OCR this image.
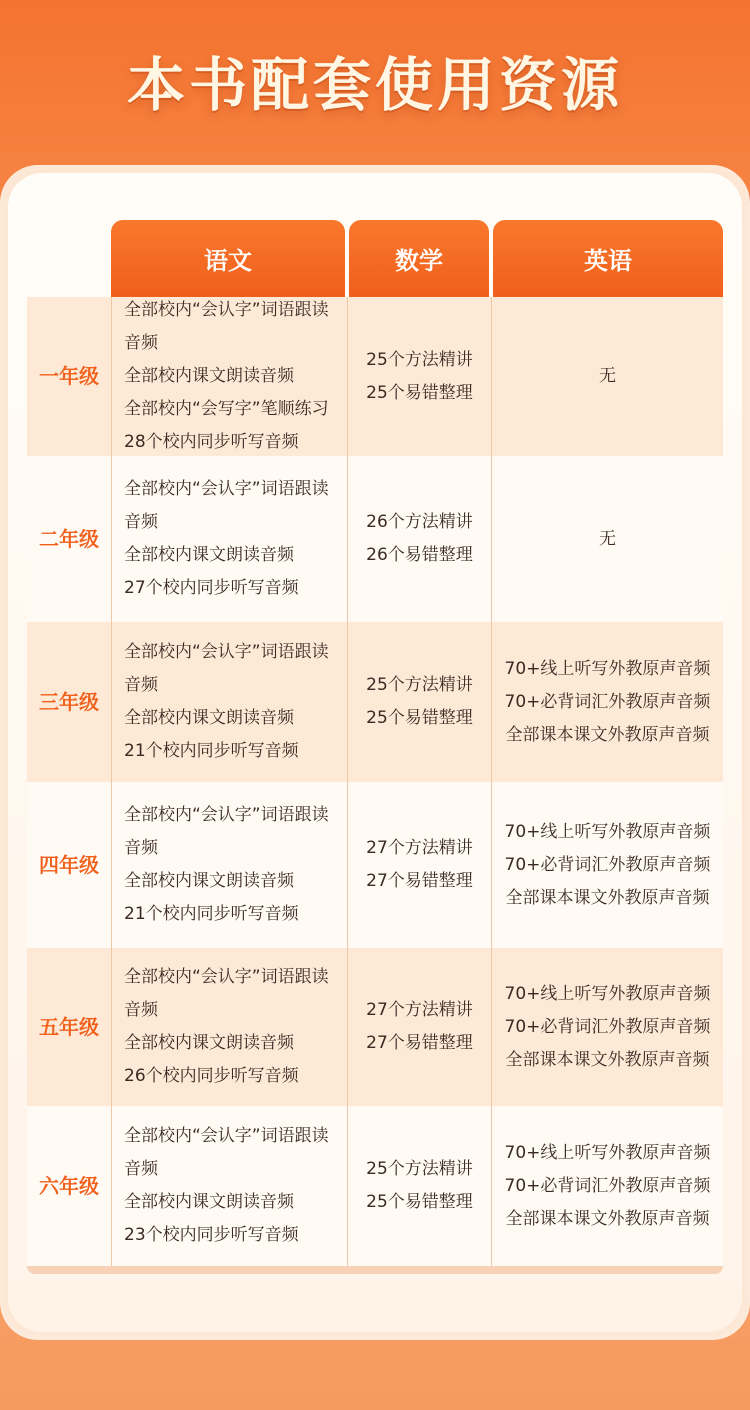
本书配套使用资源
语文	数学	英语
一年级
全部校内“会认字”词语跟读
音频
全部校内课文朗读音频
全部校内“会写字”笔顺练习
28个校内同步听写音频
25个方法精讲
25个易错整理
无
二年级
全部校内“会认字”词语跟读
音频
全部校内课文朗读音频
27个校内同步听写音频
26个方法精讲
26个易错整理
无
三年级
全部校内“会认字”词语跟读
音频
全部校内课文朗读音频
21个校内同步听写音频
25个方法精讲
25个易错整理
70+线上听写外教原声音频
70+必背词汇外教原声音频
全部课本课文外教原声音频
四年级
全部校内“会认字”词语跟读
音频
全部校内课文朗读音频
21个校内同步听写音频
27个方法精讲
27个易错整理
70+线上听写外教原声音频
70+必背词汇外教原声音频
全部课本课文外教原声音频
五年级
全部校内“会认字”词语跟读
音频
全部校内课文朗读音频
26个校内同步听写音频
27个方法精讲
27个易错整理
70+线上听写外教原声音频
70+必背词汇外教原声音频
全部课本课文外教原声音频
六年级
全部校内“会认字”词语跟读
音频
全部校内课文朗读音频
23个校内同步听写音频
25个方法精讲
25个易错整理
70+线上听写外教原声音频
70+必背词汇外教原声音频
全部课本课文外教原声音频
